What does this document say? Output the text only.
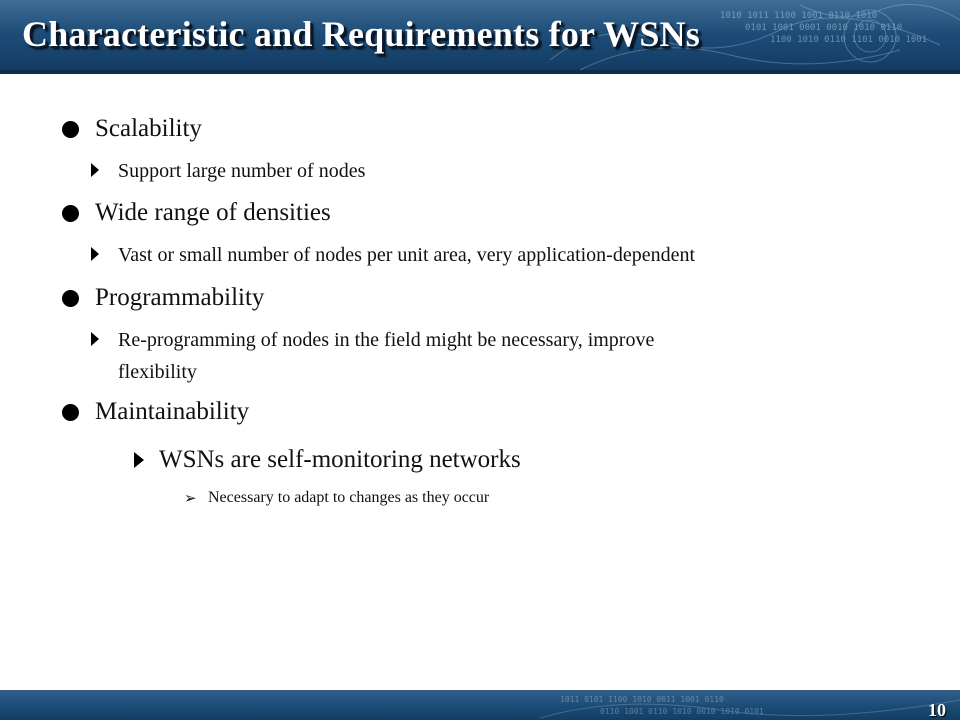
1010 1011 1100 1001 0110 1010
0101 1001 0001 0010 1010 0110
1100 1010 0110 1101 0010 1001
Characteristic and Requirements for WSNs
Scalability
Support large number of nodes
Wide range of densities
Vast or small number of nodes per unit area, very application-dependent
Programmability
Re-programming of nodes in the field might be necessary, improve
flexibility
Maintainability
WSNs are self-monitoring networks
➢ Necessary to adapt to changes as they occur
1011 0101 1100 1010 0011 1001 0110
0110 1001 0110 1010 0010 1010 0101	10
